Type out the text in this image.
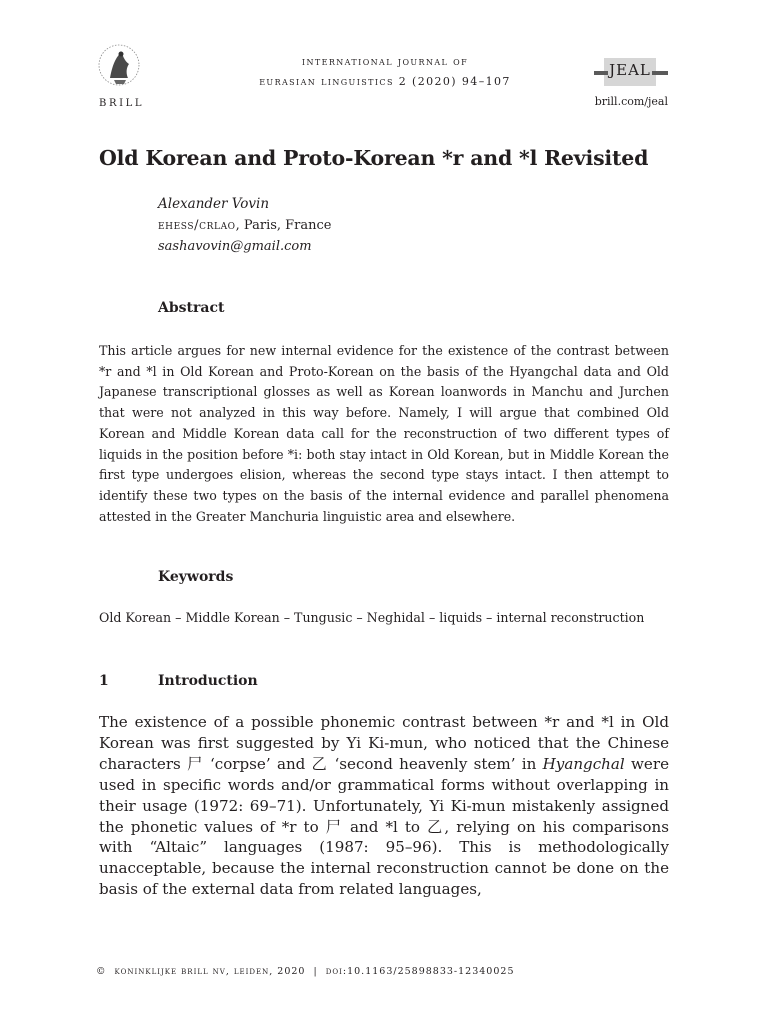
BRILL
international journal of
eurasian linguistics 2 (2020) 94–107
JEAL
brill.com/jeal
Old Korean and Proto-Korean *r and *l Revisited
Alexander Vovin
ehess/crlao, Paris, France
sashavovin@gmail.com
Abstract
This article argues for new internal evidence for the existence of the contrast between *r and *l in Old Korean and Proto-Korean on the basis of the Hyangchal data and Old Japanese transcriptional glosses as well as Korean loanwords in Manchu and Jurchen that were not analyzed in this way before. Namely, I will argue that combined Old Korean and Middle Korean data call for the reconstruction of two different types of liquids in the position before *i: both stay intact in Old Korean, but in Middle Korean the first type undergoes elision, whereas the second type stays intact. I then attempt to identify these two types on the basis of the internal evidence and parallel phenomena attested in the Greater Manchuria linguistic area and elsewhere.
Keywords
Old Korean – Middle Korean – Tungusic – Neghidal – liquids – internal reconstruction
1	Introduction
The existence of a possible phonemic contrast between *r and *l in Old Korean was first suggested by Yi Ki-mun, who noticed that the Chinese characters 尸 ‘corpse’ and 乙 ‘second heavenly stem’ in Hyangchal were used in specific words and/or grammatical forms without overlapping in their usage (1972: 69–71). Unfortunately, Yi Ki-mun mistakenly assigned the phonetic values of *r to 尸 and *l to 乙, relying on his comparisons with “Altaic” languages (1987: 95–96). This is methodologically unacceptable, because the internal reconstruction cannot be done on the basis of the external data from related languages,
© koninklijke brill nv, leiden, 2020 | doi:10.1163/25898833-12340025
